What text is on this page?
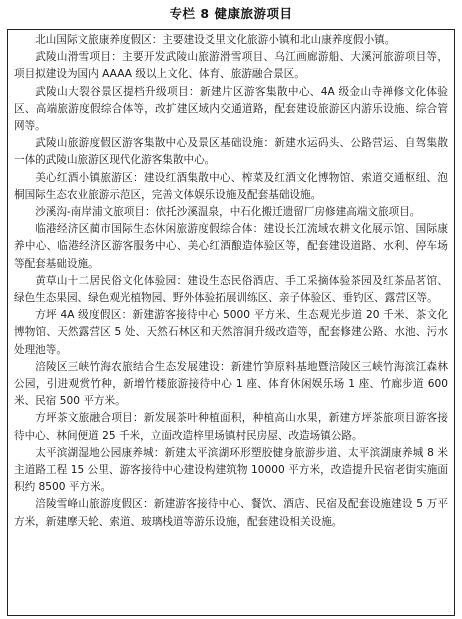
专栏 8 健康旅游项目

北山国际文旅康养度假区：主要建设爻里文化旅游小镇和北山康养度假小镇。

武陵山滑雪项目：主要开发武陵山旅游滑雪项目、乌江画廊游船、大溪河旅游项目等，项目拟建设为国内 AAAA 级以上文化、体育、旅游融合景区。

武陵山大裂谷景区提档升级项目：新建片区游客集散中心、4A 级金山寺禅修文化体验区、高端旅游度假综合体等，改扩建区域内交通道路，配套建设旅游区内游乐设施、综合管网等。

武陵山旅游度假区游客集散中心及景区基础设施：新建水运码头、公路营运、自驾集散一体的武陵山旅游区现代化游客集散中心。

美心红酒小镇旅游区：建设红酒集散中心、榨菜及红酒文化博物馆、索道交通枢纽、泡桐国际生态农业旅游示范区，完善文体娱乐设施及配套基础设施。

沙溪沟-南岸浦文旅项目：依托沙溪温泉，中石化搬迁遗留厂房修建高端文旅项目。

临港经济区蔺市国际生态休闲旅游度假综合体：建设长江流域农耕文化展示馆、国际康养中心、临港经济区游客服务中心、美心红酒酿造体验区等，配套建设道路、水利、停车场等配套基础设施。

黄草山十二居民俗文化体验园：建设生态民俗酒店、手工采摘体验茶园及红茶品茗馆、绿色生态果园、绿色观光植物园、野外体验拓展训练区、亲子体验区、垂钓区、露营区等。

方坪 4A 级度假区：新建游客接待中心 5000 平方米、生态观光步道 20 千米、茶文化博物馆、天然露营区 5 处、天然石林区和天然溶洞升级改造等，配套修建公路、水池、污水处理池等。

涪陵区三峡竹海农旅结合生态发展建设：新建竹笋原料基地暨涪陵区三峡竹海滨江森林公园，引进观赏竹种，新增竹楼旅游接待中心 1 座、体育休闲娱乐场 1 座、竹廊步道 600 米、民宿 500 平方米。

方坪茶文旅融合项目：新发展茶叶种植面积，种植高山水果，新建方坪茶旅项目游客接待中心、林间便道 25 千米，立面改造梓里场镇村民房屋、改造场镇公路。

太平滨湖湿地公园康养城：新建太平滨湖环形塑胶健身旅游步道、太平滨湖康养城 8 米主道路工程 15 公里、游客接待中心建设构建筑物 10000 平方米，改造提升民宿老街实施面积约 8500 平方米。

涪陵雪峰山旅游度假区：新建游客接待中心、餐饮、酒店、民宿及配套设施建设 5 万平方米，新建摩天轮、索道、玻璃栈道等游乐设施，配套建设相关设施。
